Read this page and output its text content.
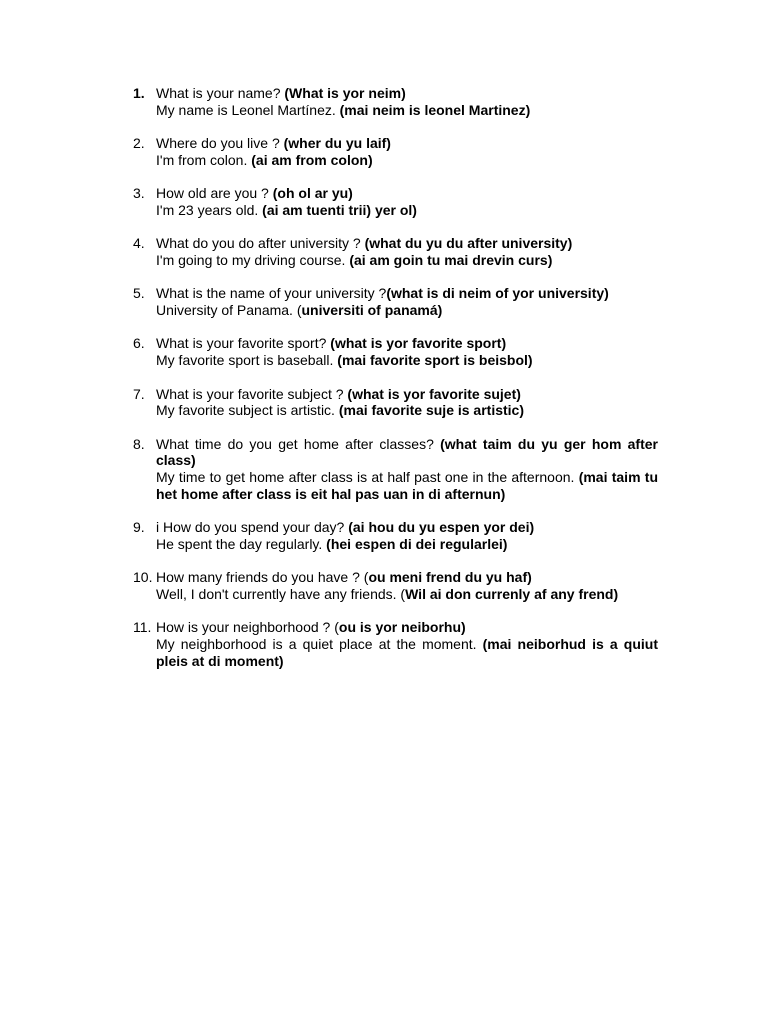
1. What is your name? (What is yor neim)
My name is Leonel Martínez. (mai neim is leonel Martinez)
2. Where do you live ? (wher du yu laif)
I'm from colon. (ai am from colon)
3. How old are you ? (oh ol ar yu)
I'm 23 years old. (ai am tuenti trii) yer ol)
4. What do you do after university ? (what du yu du after university)
I'm going to my driving course. (ai am goin tu mai drevin curs)
5. What is the name of your university ?(what is di neim of yor university)
University of Panama. (universiti of panamá)
6. What is your favorite sport? (what is yor favorite sport)
My favorite sport is baseball. (mai favorite sport is beisbol)
7. What is your favorite subject ? (what is yor favorite sujet)
My favorite subject is artistic. (mai favorite suje is artistic)
8. What time do you get home after classes? (what taim du yu ger hom after class)
My time to get home after class is at half past one in the afternoon. (mai taim tu het home after class is eit hal pas uan in di afternun)
9. i How do you spend your day? (ai hou du yu espen yor dei)
He spent the day regularly. (hei espen di dei regularlei)
10. How many friends do you have ? (ou meni frend du yu haf)
Well, I don't currently have any friends. (Wil ai don currenly af any frend)
11. How is your neighborhood ? (ou is yor neiborhu)
My neighborhood is a quiet place at the moment. (mai neiborhud is a quiut pleis at di moment)
